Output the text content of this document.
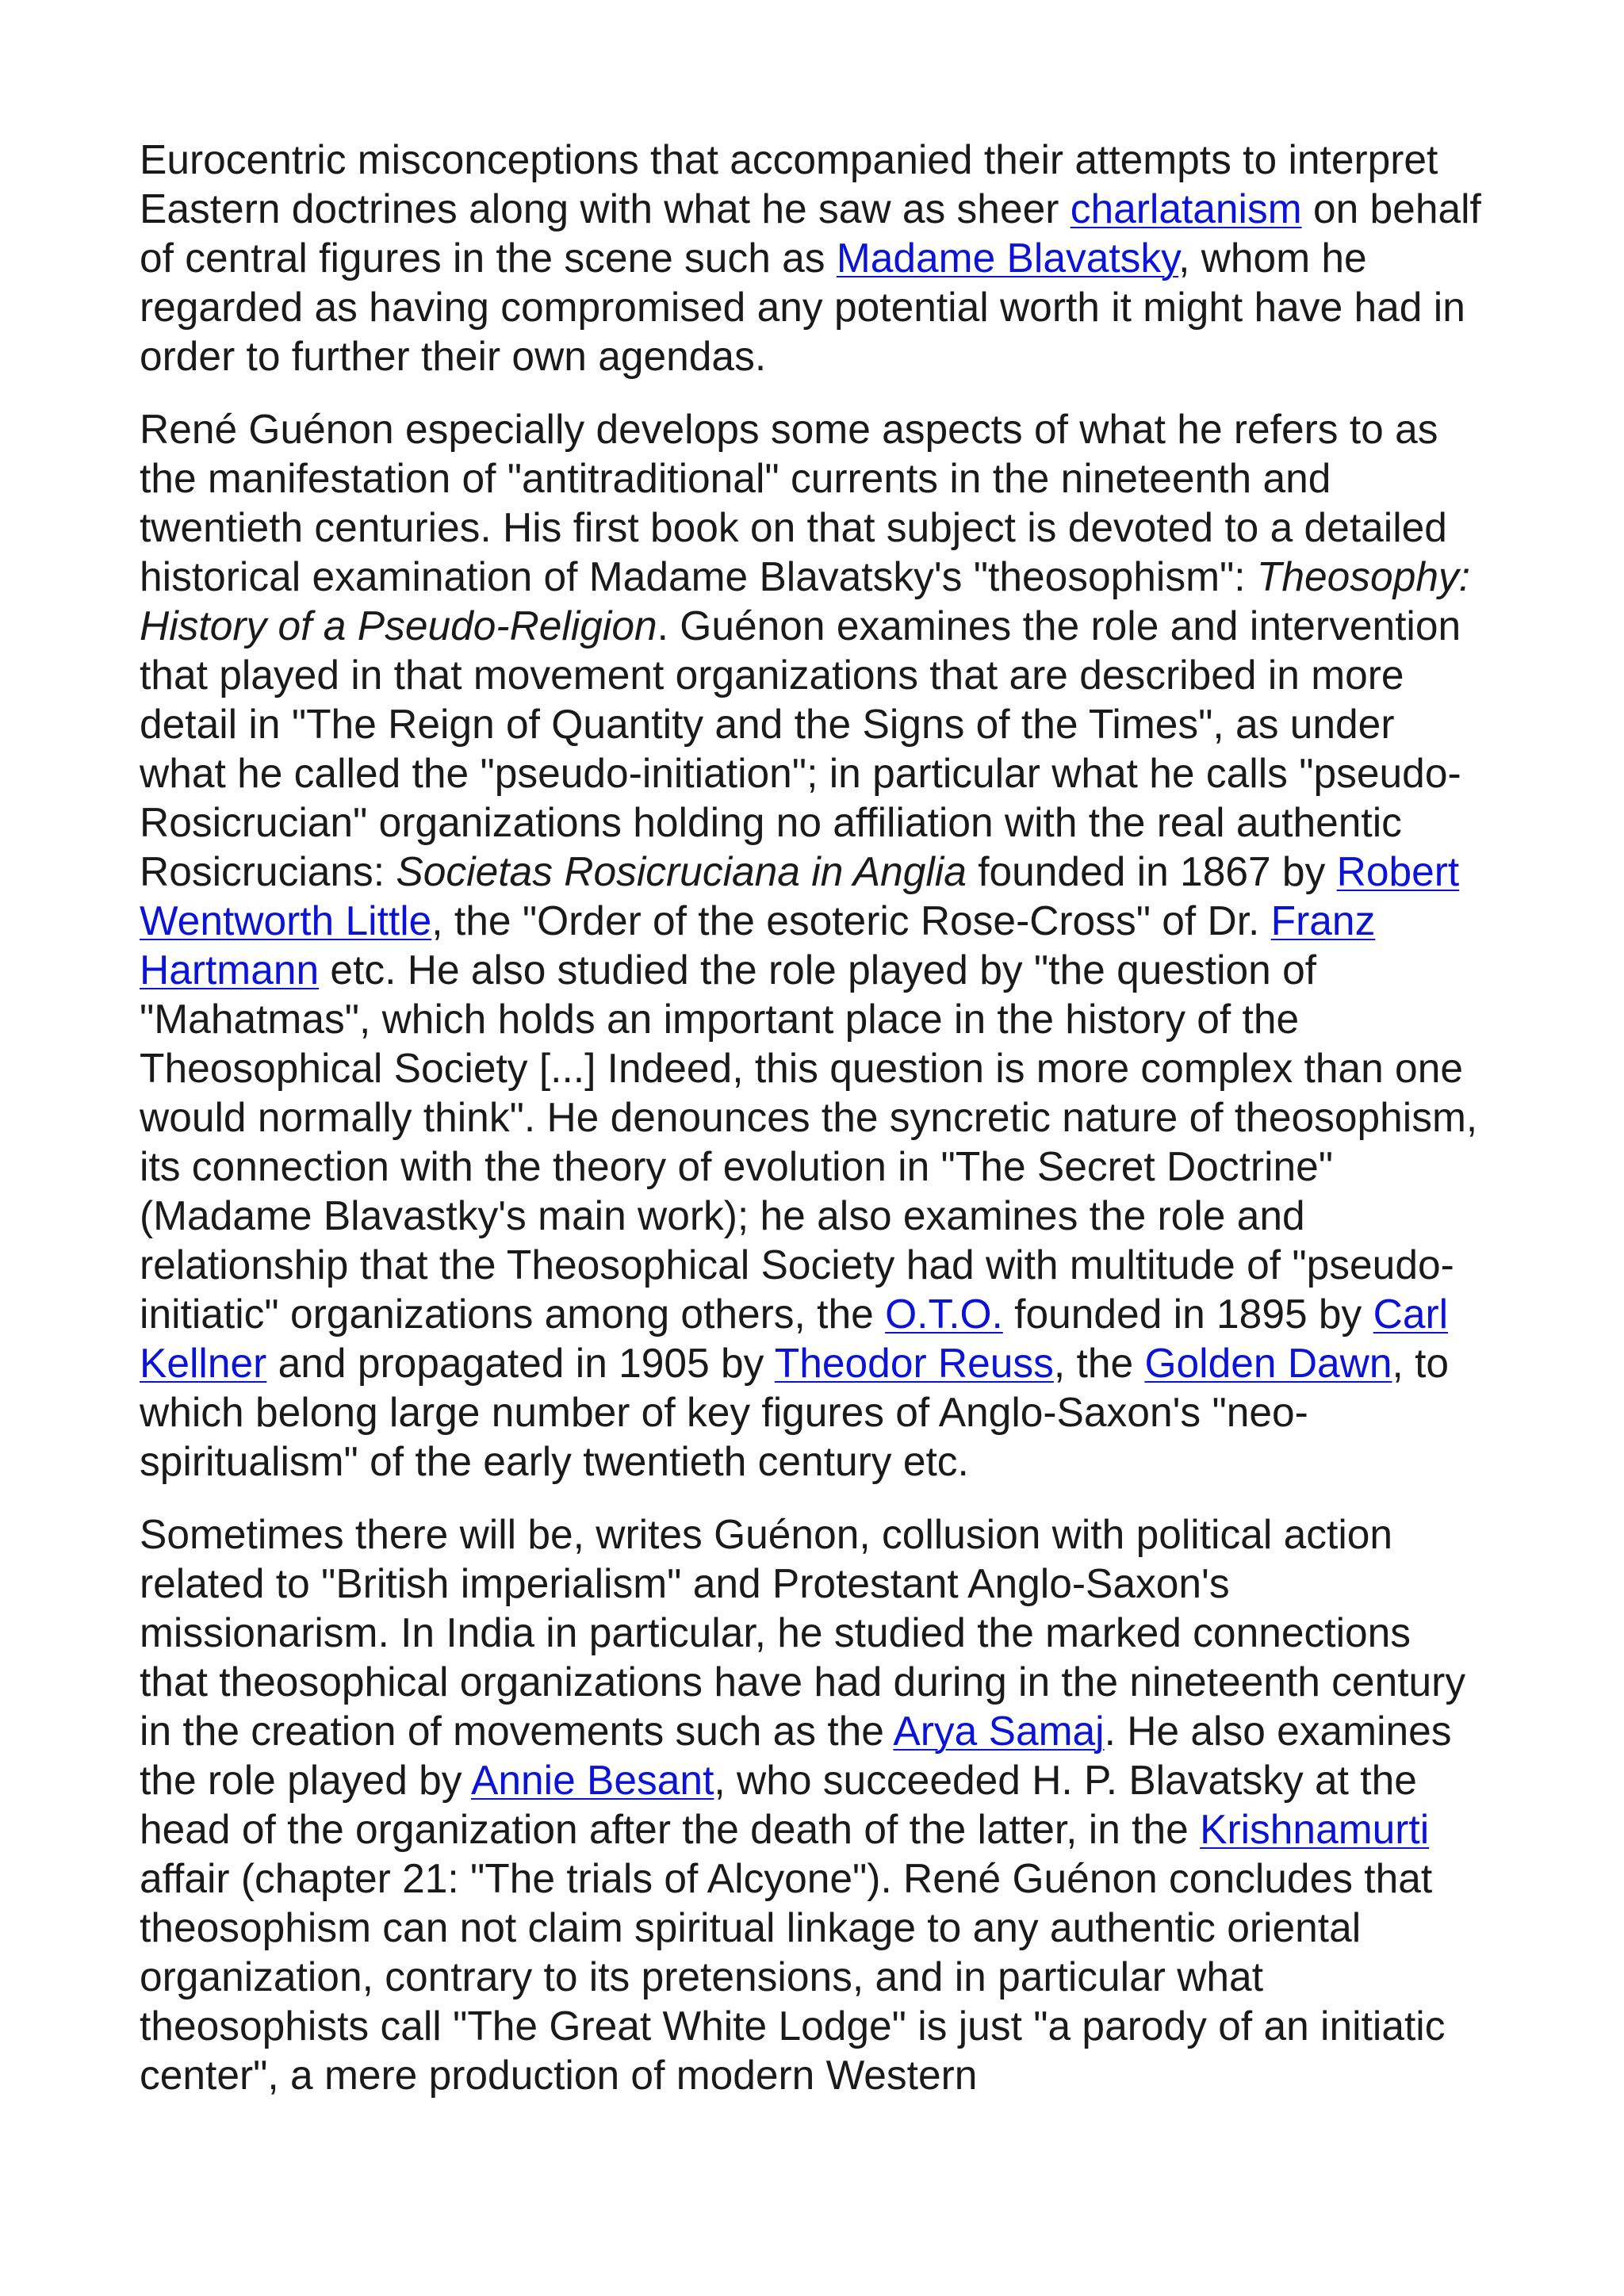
Eurocentric misconceptions that accompanied their attempts to interpret Eastern doctrines along with what he saw as sheer charlatanism on behalf of central figures in the scene such as Madame Blavatsky, whom he regarded as having compromised any potential worth it might have had in order to further their own agendas.

René Guénon especially develops some aspects of what he refers to as the manifestation of "antitraditional" currents in the nineteenth and twentieth centuries. His first book on that subject is devoted to a detailed historical examination of Madame Blavatsky's "theosophism": Theosophy: History of a Pseudo-Religion. Guénon examines the role and intervention that played in that movement organizations that are described in more detail in "The Reign of Quantity and the Signs of the Times", as under what he called the "pseudo-initiation"; in particular what he calls "pseudo-Rosicrucian" organizations holding no affiliation with the real authentic Rosicrucians: Societas Rosicruciana in Anglia founded in 1867 by Robert Wentworth Little, the "Order of the esoteric Rose-Cross" of Dr. Franz Hartmann etc. He also studied the role played by "the question of "Mahatmas", which holds an important place in the history of the Theosophical Society [...] Indeed, this question is more complex than one would normally think". He denounces the syncretic nature of theosophism, its connection with the theory of evolution in "The Secret Doctrine" (Madame Blavastky's main work); he also examines the role and relationship that the Theosophical Society had with multitude of "pseudo-initiatic" organizations among others, the O.T.O. founded in 1895 by Carl Kellner and propagated in 1905 by Theodor Reuss, the Golden Dawn, to which belong large number of key figures of Anglo-Saxon's "neo-spiritualism" of the early twentieth century etc.

Sometimes there will be, writes Guénon, collusion with political action related to "British imperialism" and Protestant Anglo-Saxon's missionarism. In India in particular, he studied the marked connections that theosophical organizations have had during in the nineteenth century in the creation of movements such as the Arya Samaj. He also examines the role played by Annie Besant, who succeeded H. P. Blavatsky at the head of the organization after the death of the latter, in the Krishnamurti affair (chapter 21: "The trials of Alcyone"). René Guénon concludes that theosophism can not claim spiritual linkage to any authentic oriental organization, contrary to its pretensions, and in particular what theosophists call "The Great White Lodge" is just "a parody of an initiatic center", a mere production of modern Western
